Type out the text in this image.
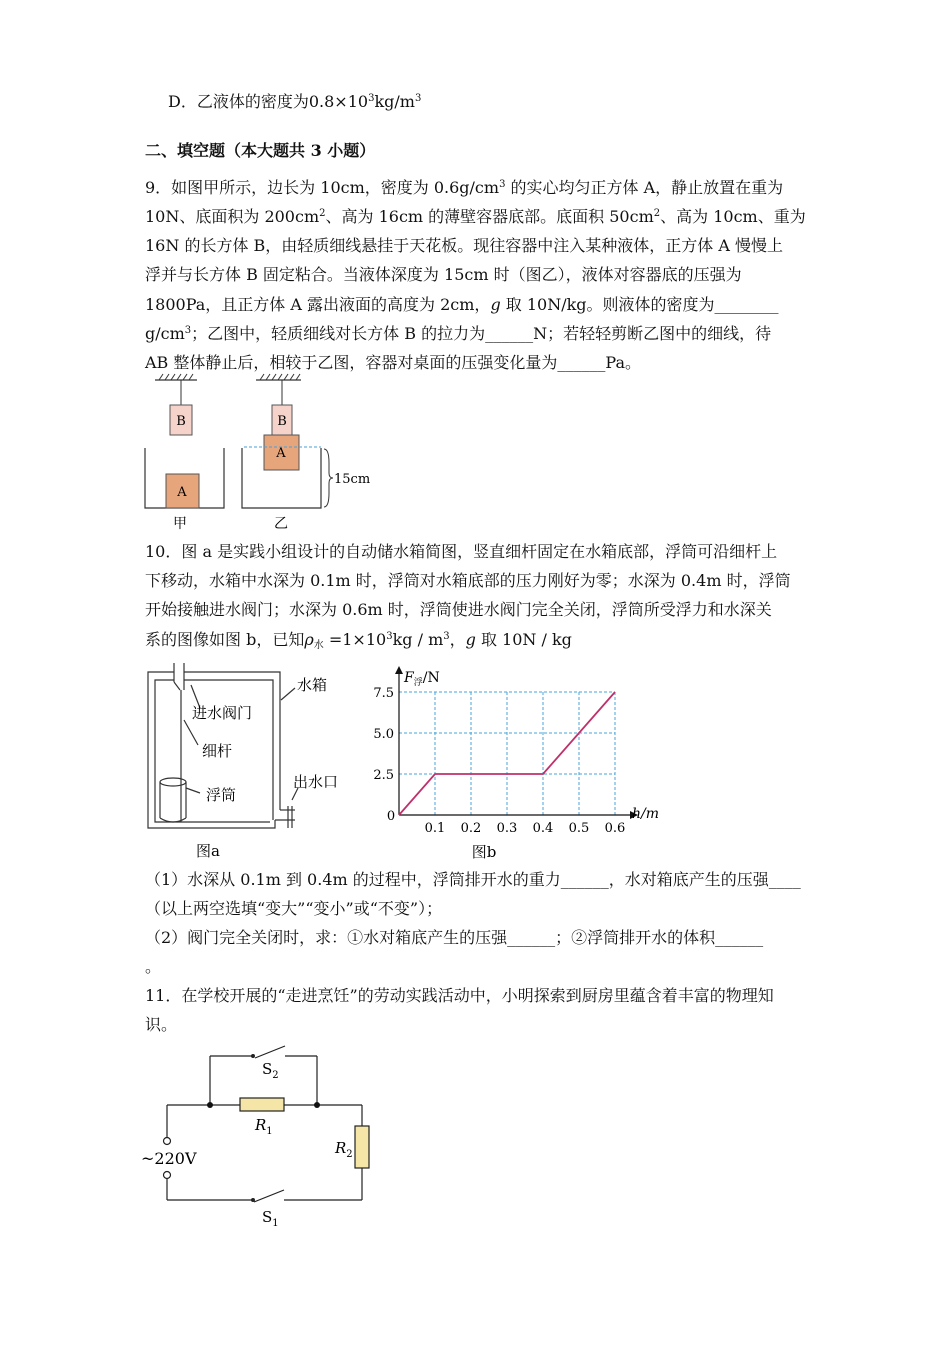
D．乙液体的密度为$0.8\times 10^3kg/m^3$
二、填空题（本大题共 3 小题）
9．如图甲所示，边长为 10cm，密度为 $0.6g/cm^3$ 的实心均匀正方体 A，静止放置在重为
10N、底面积为 $200cm^2$、高为 16cm 的薄壁容器底部。底面积 $50cm^2$、高为 10cm、重为
16N 的长方体 B，由轻质细线悬挂于天花板。现往容器中注入某种液体，正方体 A 慢慢上
浮并与长方体 B 固定粘合。当液体深度为 15cm 时（图乙），液体对容器底的压强为
1800Pa，且正方体 A 露出液面的高度为 2cm，g 取 10N/kg。则液体的密度为________
$g/cm^3$；乙图中，轻质细线对长方体 B 的拉力为______N；若轻轻剪断乙图中的细线，待
AB 整体静止后，相较于乙图，容器对桌面的压强变化量为______Pa。
B
A
甲
B
A
15cm
乙
10．图 a 是实践小组设计的自动储水箱简图，竖直细杆固定在水箱底部，浮筒可沿细杆上
下移动，水箱中水深为 0.1m 时，浮筒对水箱底部的压力刚好为零；水深为 0.4m 时，浮筒
开始接触进水阀门；水深为 0.6m 时，浮筒使进水阀门完全关闭，浮筒所受浮力和水深关
系的图像如图 b，已知$\rho_水 =1\times 10^3kg / m^3$，g 取 10N / kg
进水阀门
细杆
浮筒
水箱
出水口
图a
$F_浮/N$
h/m
0
0.1 0.2 0.3 0.4 0.5 0.6
2.5
5.0
7.5
图b
（1）水深从 0.1m 到 0.4m 的过程中，浮筒排开水的重力______，水对箱底产生的压强____
（以上两空选填“变大”“变小”或“不变”）；
（2）阀门完全关闭时，求：①水对箱底产生的压强______；②浮筒排开水的体积______
。
11．在学校开展的“走进烹饪”的劳动实践活动中，小明探索到厨房里蕴含着丰富的物理知
识。
$S_2$
$R_1$
$R_2$
~220V
$S_1$
